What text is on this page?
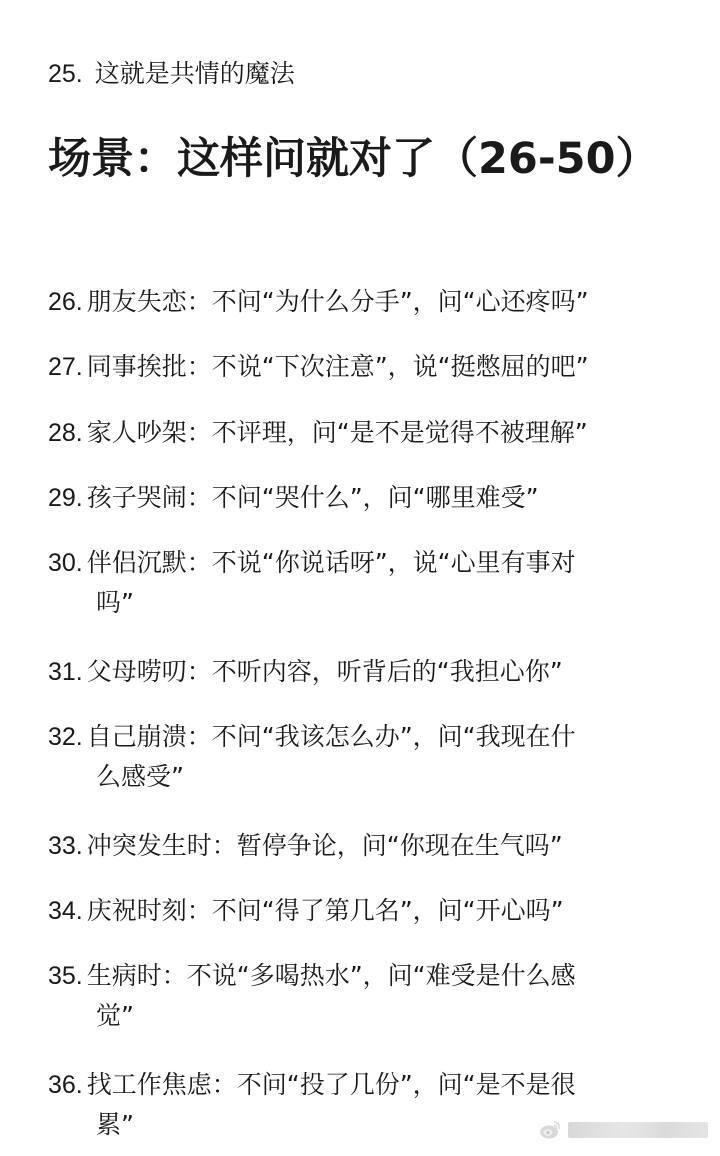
25. 这就是共情的魔法
场景：这样问就对了（26-50）
26. 朋友失恋：不问“为什么分手”，问“心还疼吗”
27. 同事挨批：不说“下次注意”，说“挺憋屈的吧”
28. 家人吵架：不评理，问“是不是觉得不被理解”
29. 孩子哭闹：不问“哭什么”，问“哪里难受”
30. 伴侣沉默：不说“你说话呀”，说“心里有事对
吗”
31. 父母唠叨：不听内容，听背后的“我担心你”
32. 自己崩溃：不问“我该怎么办”，问“我现在什
么感受”
33. 冲突发生时：暂停争论，问“你现在生气吗”
34. 庆祝时刻：不问“得了第几名”，问“开心吗”
35. 生病时：不说“多喝热水”，问“难受是什么感
觉”
36. 找工作焦虑：不问“投了几份”，问“是不是很
累”
